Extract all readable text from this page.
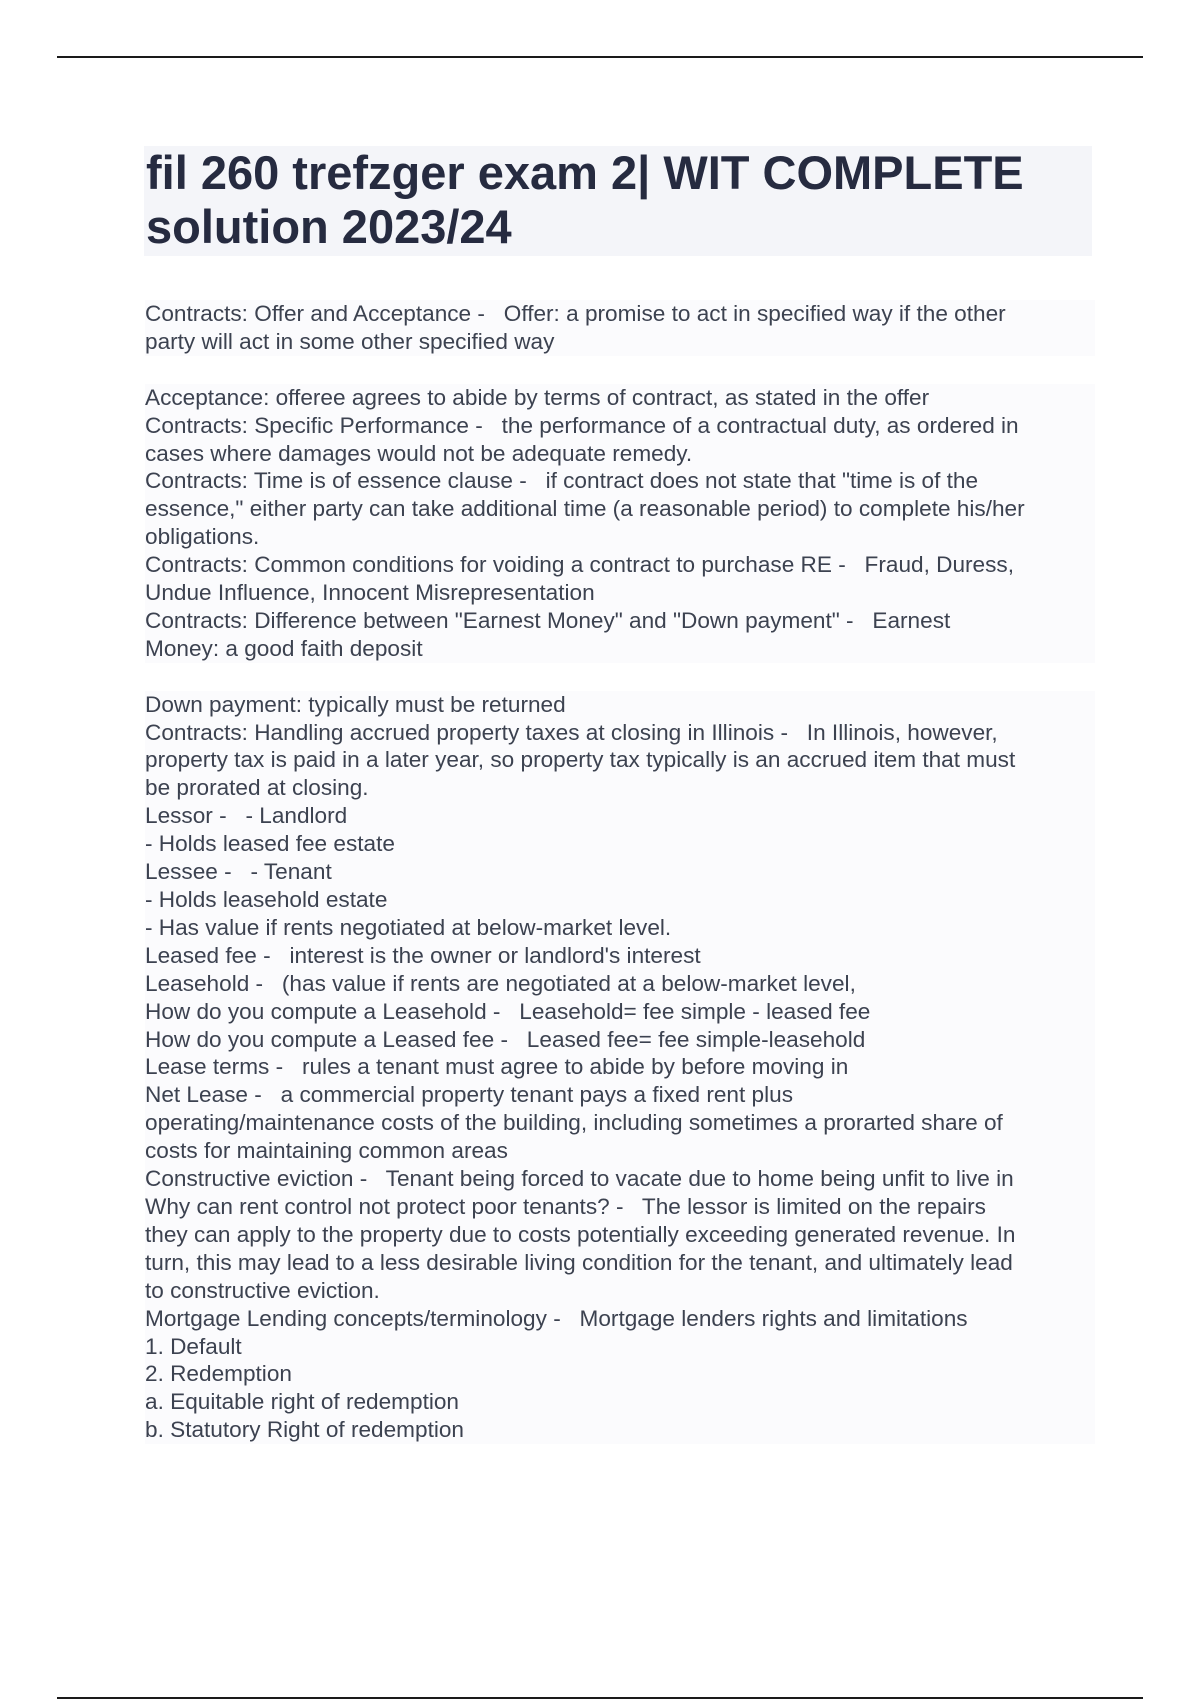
fil 260 trefzger exam 2| WIT COMPLETE
solution 2023/24
Contracts: Offer and Acceptance -   Offer: a promise to act in specified way if the other
party will act in some other specified way
Acceptance: offeree agrees to abide by terms of contract, as stated in the offer
Contracts: Specific Performance -   the performance of a contractual duty, as ordered in
cases where damages would not be adequate remedy.
Contracts: Time is of essence clause -   if contract does not state that "time is of the
essence," either party can take additional time (a reasonable period) to complete his/her
obligations.
Contracts: Common conditions for voiding a contract to purchase RE -   Fraud, Duress,
Undue Influence, Innocent Misrepresentation
Contracts: Difference between "Earnest Money" and "Down payment" -   Earnest
Money: a good faith deposit
Down payment: typically must be returned
Contracts: Handling accrued property taxes at closing in Illinois -   In Illinois, however,
property tax is paid in a later year, so property tax typically is an accrued item that must
be prorated at closing.
Lessor -   - Landlord
- Holds leased fee estate
Lessee -   - Tenant
- Holds leasehold estate
- Has value if rents negotiated at below-market level.
Leased fee -   interest is the owner or landlord's interest
Leasehold -   (has value if rents are negotiated at a below-market level,
How do you compute a Leasehold -   Leasehold= fee simple - leased fee
How do you compute a Leased fee -   Leased fee= fee simple-leasehold
Lease terms -   rules a tenant must agree to abide by before moving in
Net Lease -   a commercial property tenant pays a fixed rent plus
operating/maintenance costs of the building, including sometimes a prorarted share of
costs for maintaining common areas
Constructive eviction -   Tenant being forced to vacate due to home being unfit to live in
Why can rent control not protect poor tenants? -   The lessor is limited on the repairs
they can apply to the property due to costs potentially exceeding generated revenue. In
turn, this may lead to a less desirable living condition for the tenant, and ultimately lead
to constructive eviction.
Mortgage Lending concepts/terminology -   Mortgage lenders rights and limitations
1. Default
2. Redemption
a. Equitable right of redemption
b. Statutory Right of redemption
